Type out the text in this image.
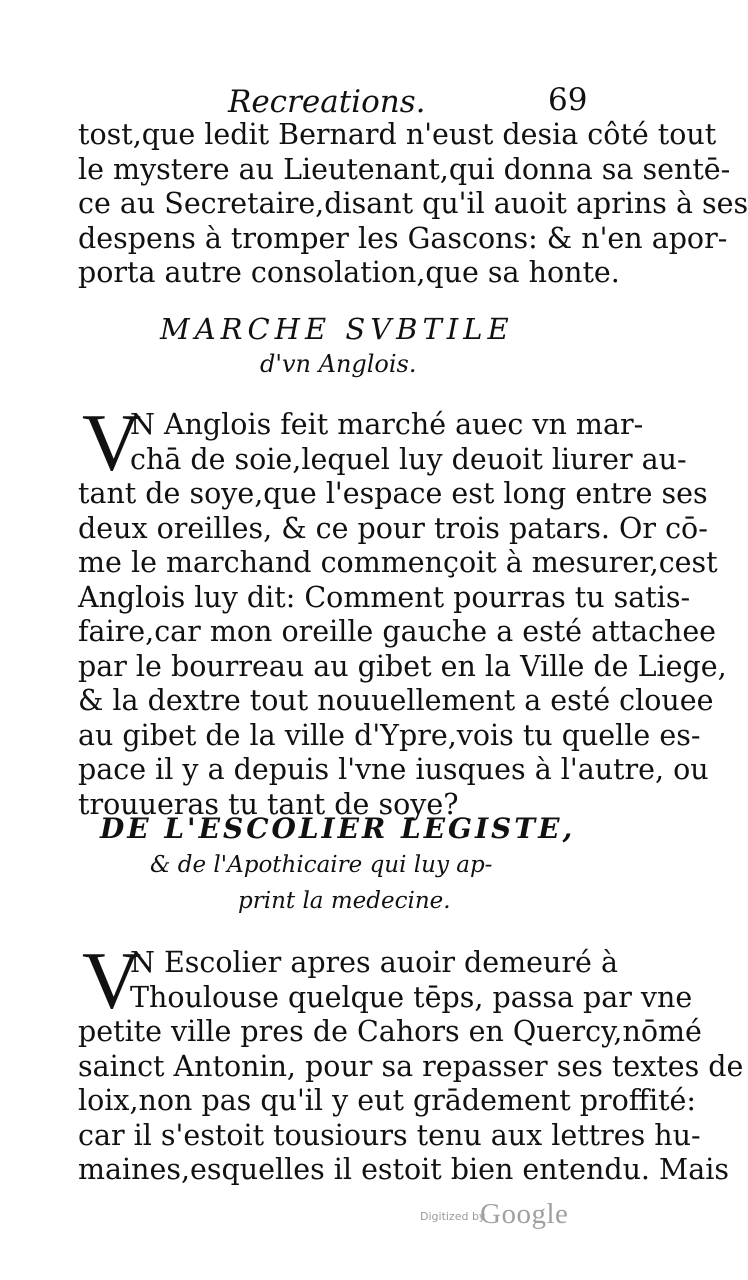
Recreations.	69
tost,que ledit Bernard n'eust desia côté tout
le mystere au Lieutenant,qui donna sa sentē-
ce au Secretaire,disant qu'il auoit aprins à ses
despens à tromper les Gascons: & n'en apor-
porta autre consolation,que sa honte.
MARCHE SVBTILE
d'vn Anglois.
V
N Anglois feit marché auec vn mar-
chā de soie,lequel luy deuoit liurer au-
tant de soye,que l'espace est long entre ses
deux oreilles, & ce pour trois patars. Or cō-
me le marchand commençoit à mesurer,cest
Anglois luy dit: Comment pourras tu satis-
faire,car mon oreille gauche a esté attachee
par le bourreau au gibet en la Ville de Liege,
& la dextre tout nouuellement a esté clouee
au gibet de la ville d'Ypre,vois tu quelle es-
pace il y a depuis l'vne iusques à l'autre, ou
trouueras tu tant de soye?
DE L'ESCOLIER LEGISTE,
& de l'Apothicaire qui luy ap-
print la medecine.
V
N Escolier apres auoir demeuré à
Thoulouse quelque tēps, passa par vne
petite ville pres de Cahors en Quercy,nōmé
sainct Antonin, pour sa repasser ses textes de
loix,non pas qu'il y eut grādement proffité:
car il s'estoit tousiours tenu aux lettres hu-
maines,esquelles il estoit bien entendu. Mais
Digitized by
Google
